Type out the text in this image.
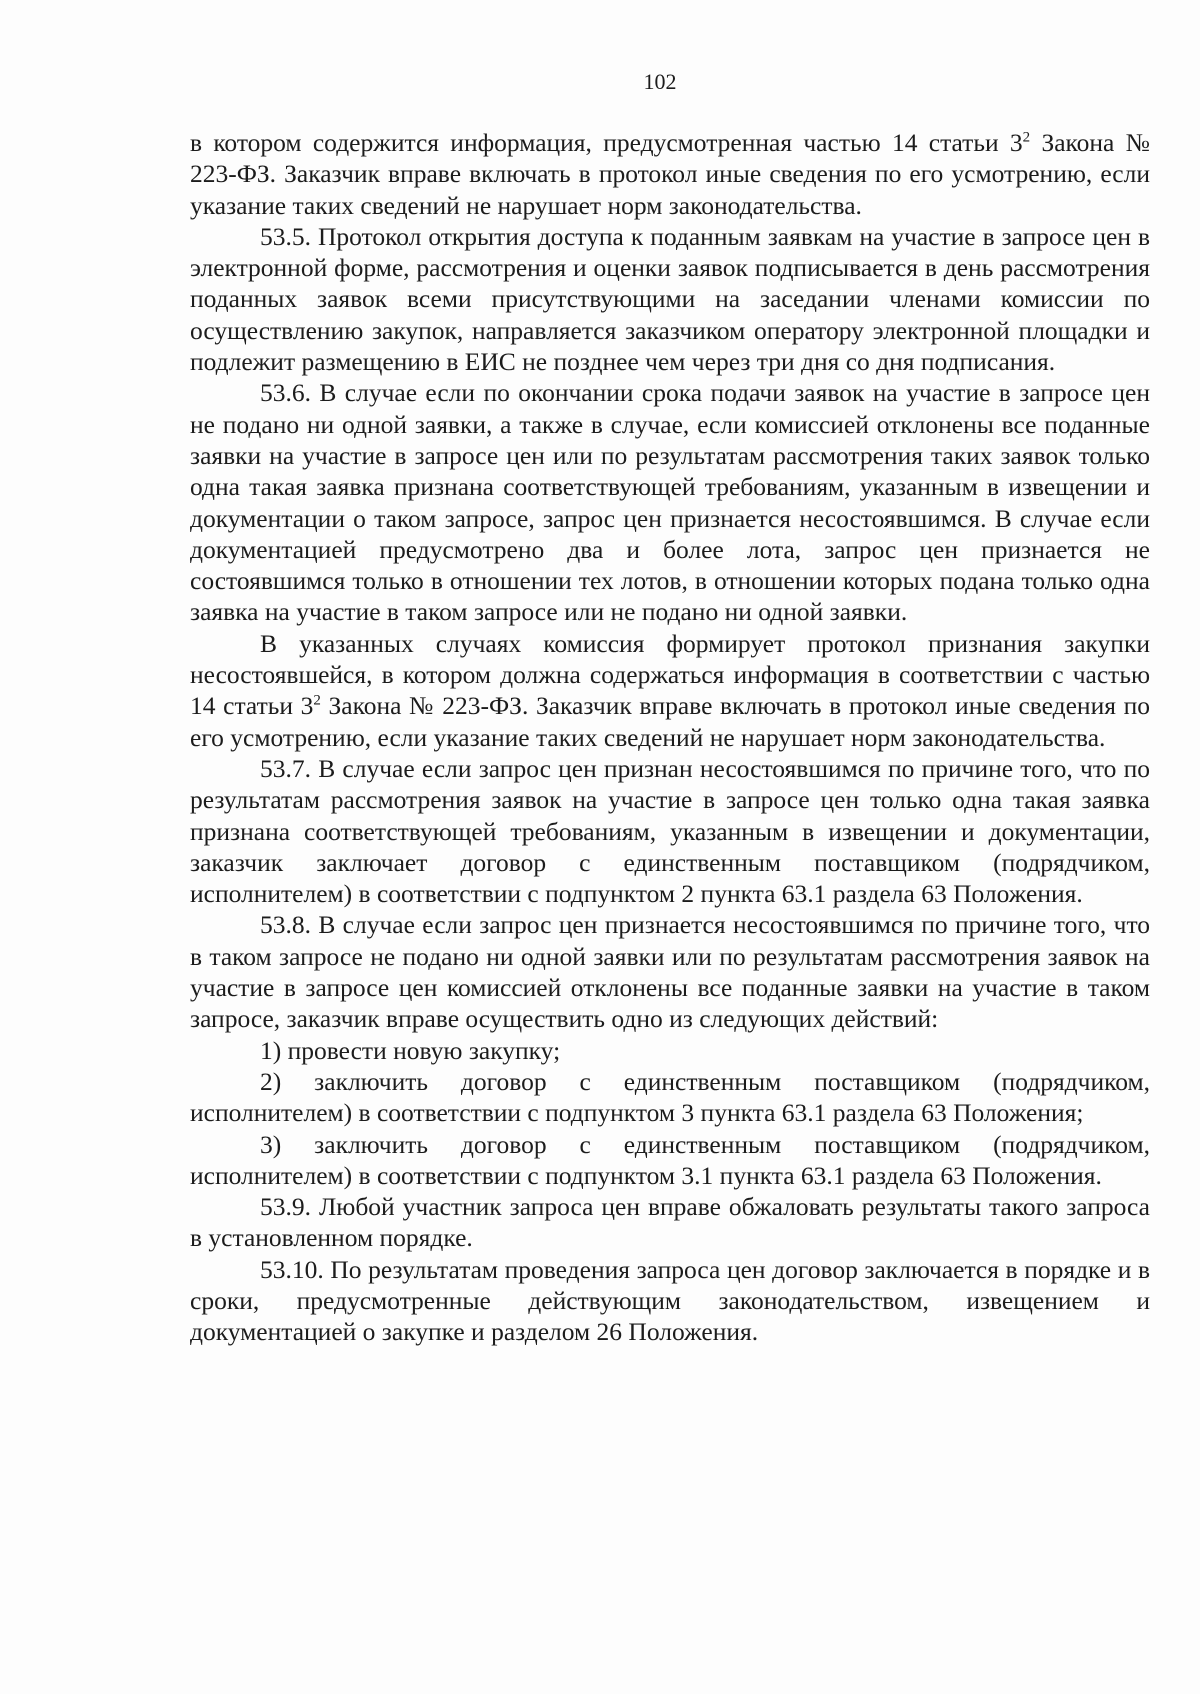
102

в котором содержится информация, предусмотренная частью 14 статьи $3^2$ Закона № 223-ФЗ. Заказчик вправе включать в протокол иные сведения по его усмотрению, если указание таких сведений не нарушает норм законодательства.

53.5. Протокол открытия доступа к поданным заявкам на участие в запросе цен в электронной форме, рассмотрения и оценки заявок подписывается в день рассмотрения поданных заявок всеми присутствующими на заседании членами комиссии по осуществлению закупок, направляется заказчиком оператору электронной площадки и подлежит размещению в ЕИС не позднее чем через три дня со дня подписания.

53.6. В случае если по окончании срока подачи заявок на участие в запросе цен не подано ни одной заявки, а также в случае, если комиссией отклонены все поданные заявки на участие в запросе цен или по результатам рассмотрения таких заявок только одна такая заявка признана соответствующей требованиям, указанным в извещении и документации о таком запросе, запрос цен признается несостоявшимся. В случае если документацией предусмотрено два и более лота, запрос цен признается не состоявшимся только в отношении тех лотов, в отношении которых подана только одна заявка на участие в таком запросе или не подано ни одной заявки.

В указанных случаях комиссия формирует протокол признания закупки несостоявшейся, в котором должна содержаться информация в соответствии с частью 14 статьи $3^2$ Закона № 223-ФЗ. Заказчик вправе включать в протокол иные сведения по его усмотрению, если указание таких сведений не нарушает норм законодательства.

53.7. В случае если запрос цен признан несостоявшимся по причине того, что по результатам рассмотрения заявок на участие в запросе цен только одна такая заявка признана соответствующей требованиям, указанным в извещении и документации, заказчик заключает договор с единственным поставщиком (подрядчиком, исполнителем) в соответствии с подпунктом 2 пункта 63.1 раздела 63 Положения.

53.8. В случае если запрос цен признается несостоявшимся по причине того, что в таком запросе не подано ни одной заявки или по результатам рассмотрения заявок на участие в запросе цен комиссией отклонены все поданные заявки на участие в таком запросе, заказчик вправе осуществить одно из следующих действий:

1) провести новую закупку;

2) заключить договор с единственным поставщиком (подрядчиком, исполнителем) в соответствии с подпунктом 3 пункта 63.1 раздела 63 Положения;

3) заключить договор с единственным поставщиком (подрядчиком, исполнителем) в соответствии с подпунктом 3.1 пункта 63.1 раздела 63 Положения.

53.9. Любой участник запроса цен вправе обжаловать результаты такого запроса в установленном порядке.

53.10. По результатам проведения запроса цен договор заключается в порядке и в сроки, предусмотренные действующим законодательством, извещением и документацией о закупке и разделом 26 Положения.
